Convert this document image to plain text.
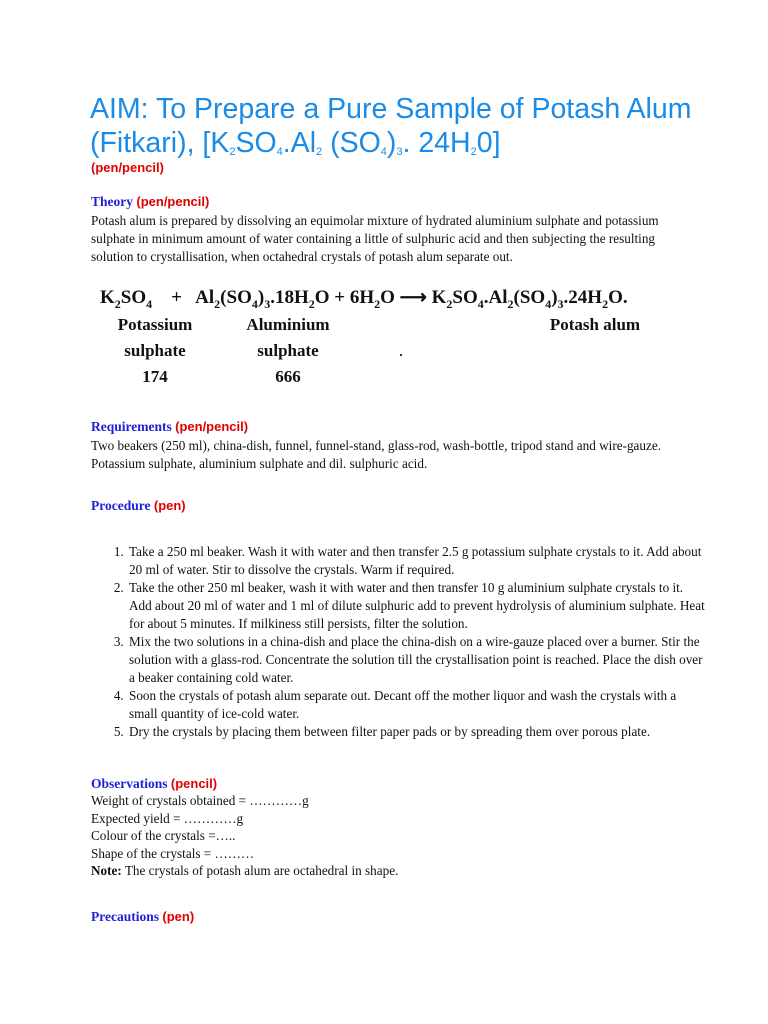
AIM: To Prepare a Pure Sample of Potash Alum (Fitkari), [$K_2SO_4.Al_2$ $(SO_4)_3$. $24H_20$]
(pen/pencil)
Theory (pen/pencil)

Potash alum is prepared by dissolving an equimolar mixture of hydrated aluminium sulphate and potassium sulphate in minimum amount of water containing a little of sulphuric acid and then subjecting the resulting solution to crystallisation, when octahedral crystals of potash alum separate out.

$K_2SO_4 + Al_2(SO_4)_3.18H_2O + 6H_2O$ ⟶ $K_2SO_4.Al_2(SO_4)_3.24H_2O$.
Potassium
sulphate
174
Aluminium
sulphate
666
Potash alum
Requirements (pen/pencil)

Two beakers (250 ml), china-dish, funnel, funnel-stand, glass-rod, wash-bottle, tripod stand and wire-gauze. Potassium sulphate, aluminium sulphate and dil. sulphuric acid.

Procedure (pen)
1. Take a 250 ml beaker. Wash it with water and then transfer 2.5 g potassium sulphate crystals to it. Add about 20 ml of water. Stir to dissolve the crystals. Warm if required.
2. Take the other 250 ml beaker, wash it with water and then transfer 10 g aluminium sulphate crystals to it. Add about 20 ml of water and 1 ml of dilute sulphuric add to prevent hydrolysis of aluminium sulphate. Heat for about 5 minutes. If milkiness still persists, filter the solution.
3. Mix the two solutions in a china-dish and place the china-dish on a wire-gauze placed over a burner. Stir the solution with a glass-rod. Concentrate the solution till the crystallisation point is reached. Place the dish over a beaker containing cold water.
4. Soon the crystals of potash alum separate out. Decant off the mother liquor and wash the crystals with a small quantity of ice-cold water.
5. Dry the crystals by placing them between filter paper pads or by spreading them over porous plate.
Observations (pencil)
Weight of crystals obtained = …………g
Expected yield = …………g
Colour of the crystals =…..
Shape of the crystals = ………
Note: The crystals of potash alum are octahedral in shape.
Precautions (pen)
